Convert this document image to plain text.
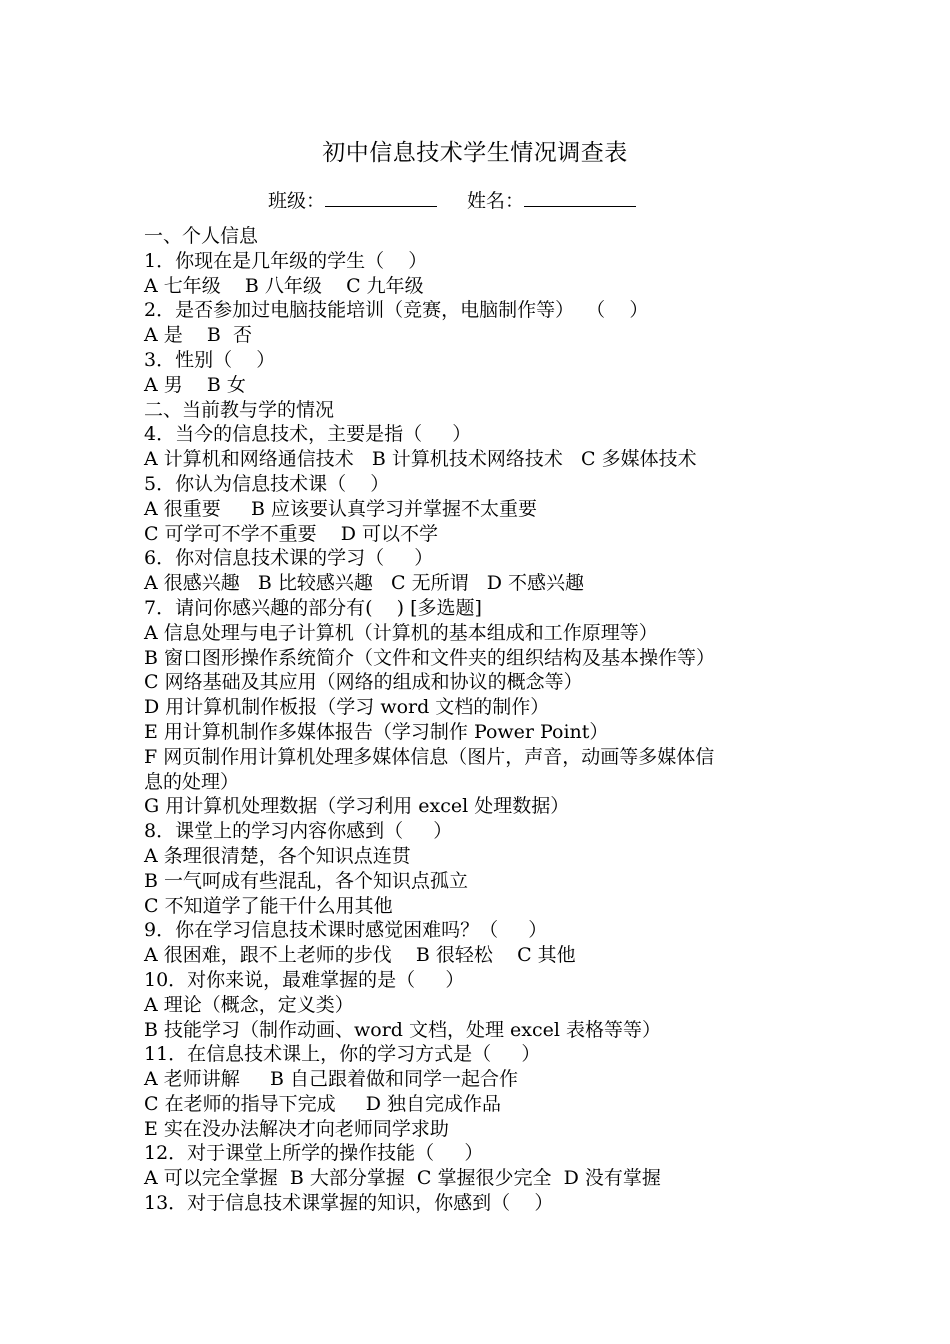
初中信息技术学生情况调查表
班级：	姓名：

一、个人信息

1．你现在是几年级的学生（    ）

A 七年级    B 八年级    C 九年级

2．是否参加过电脑技能培训（竞赛，电脑制作等）  （    ）

A 是    B  否

3．性别（    ）

A 男    B 女

二、当前教与学的情况

4．当今的信息技术，主要是指（     ）

A 计算机和网络通信技术   B 计算机技术网络技术   C 多媒体技术

5．你认为信息技术课（    ）

A 很重要     B 应该要认真学习并掌握不太重要

C 可学可不学不重要    D 可以不学

6．你对信息技术课的学习（     ）

A 很感兴趣   B 比较感兴趣   C 无所谓   D 不感兴趣

7．请问你感兴趣的部分有(    ) [多选题]

A 信息处理与电子计算机（计算机的基本组成和工作原理等）

B 窗口图形操作系统简介（文件和文件夹的组织结构及基本操作等）

C 网络基础及其应用（网络的组成和协议的概念等）

D 用计算机制作板报（学习 word 文档的制作）

E 用计算机制作多媒体报告（学习制作 Power Point）

F 网页制作用计算机处理多媒体信息（图片，声音，动画等多媒体信

息的处理）

G 用计算机处理数据（学习利用 excel 处理数据）

8．课堂上的学习内容你感到（     ）

A 条理很清楚，各个知识点连贯

B 一气呵成有些混乱，各个知识点孤立

C 不知道学了能干什么用其他

9．你在学习信息技术课时感觉困难吗？（     ）

A 很困难，跟不上老师的步伐    B 很轻松    C 其他

10．对你来说，最难掌握的是（     ）

A 理论（概念，定义类）

B 技能学习（制作动画、word 文档，处理 excel 表格等等）

11．在信息技术课上，你的学习方式是（     ）

A 老师讲解     B 自己跟着做和同学一起合作

C 在老师的指导下完成     D 独自完成作品

E 实在没办法解决才向老师同学求助

12．对于课堂上所学的操作技能（     ）

A 可以完全掌握  B 大部分掌握  C 掌握很少完全  D 没有掌握

13．对于信息技术课掌握的知识，你感到（    ）
